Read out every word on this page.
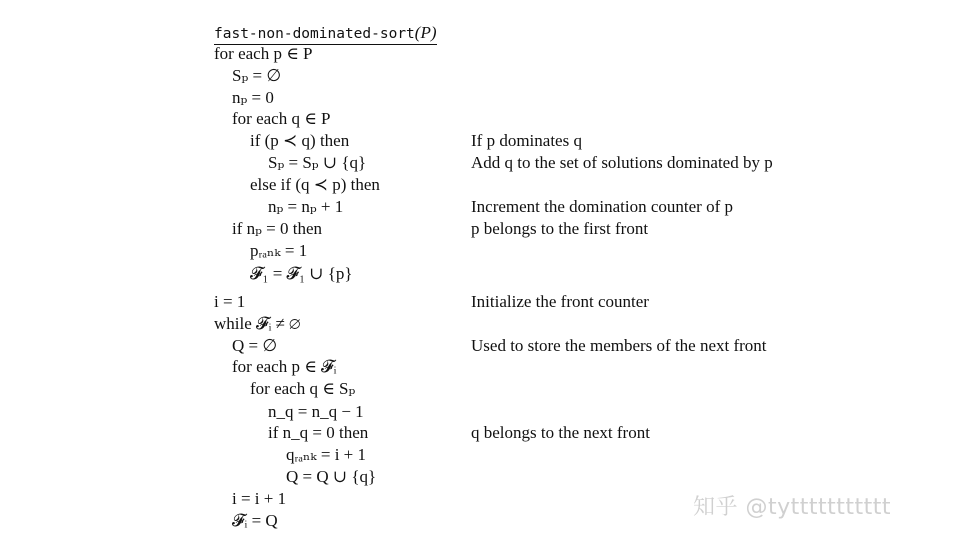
fast-non-dominated-sort(P)
for each p ∈ P
Sₚ = ∅
nₚ = 0
for each q ∈ P
if (p ≺ q) then
Sₚ = Sₚ ∪ {q}
else if (q ≺ p) then
nₚ = nₚ + 1
if nₚ = 0 then
pᵣₐₙₖ = 1
𝓕₁ = 𝓕₁ ∪ {p}
i = 1
while 𝓕ᵢ ≠ ∅
Q = ∅
for each p ∈ 𝓕ᵢ
for each q ∈ Sₚ
n_q = n_q − 1
if n_q = 0 then
qᵣₐₙₖ = i + 1
Q = Q ∪ {q}
i = i + 1
𝓕ᵢ = Q
If p dominates q
Add q to the set of solutions dominated by p
Increment the domination counter of p
p belongs to the first front
Initialize the front counter
Used to store the members of the next front
q belongs to the next front
知乎 @tyttttttttttt
